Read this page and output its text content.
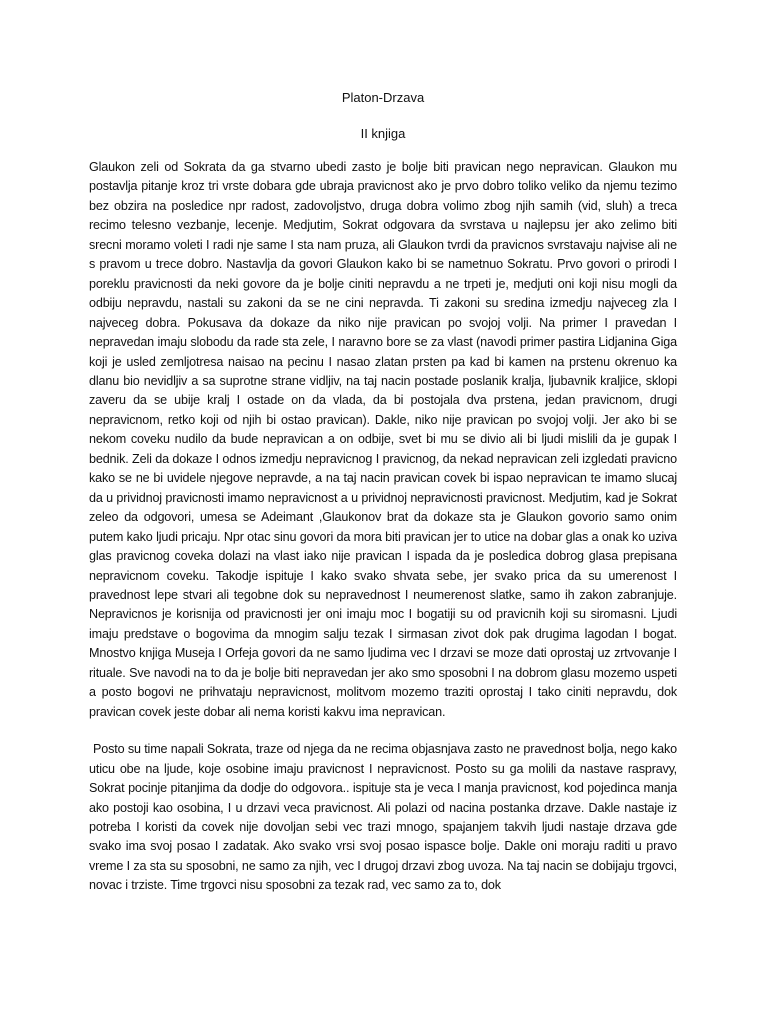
Platon-Drzava
II knjiga

Glaukon zeli od Sokrata da ga stvarno ubedi zasto je bolje biti pravican nego nepravican. Glaukon mu postavlja pitanje kroz tri vrste dobara gde ubraja pravicnost ako je prvo dobro toliko veliko da njemu tezimo bez obzira na posledice npr radost, zadovoljstvo, druga dobra volimo zbog njih samih (vid, sluh) a treca recimo telesno vezbanje, lecenje. Medjutim, Sokrat odgovara da svrstava u najlepsu jer ako zelimo biti srecni moramo voleti I radi nje same I sta nam pruza, ali Glaukon tvrdi da pravicnos svrstavaju najvise ali ne s pravom u trece dobro. Nastavlja da govori Glaukon kako bi se nametnuo Sokratu. Prvo govori o prirodi I poreklu pravicnosti da neki govore da je bolje ciniti nepravdu a ne trpeti je, medjuti oni koji nisu mogli da odbiju nepravdu, nastali su zakoni da se ne cini nepravda. Ti zakoni su sredina izmedju najveceg zla I najveceg dobra. Pokusava da dokaze da niko nije pravican po svojoj volji. Na primer I pravedan I nepravedan imaju slobodu da rade sta zele, I naravno bore se za vlast (navodi primer pastira Lidjanina Giga koji je usled zemljotresa naisao na pecinu I nasao zlatan prsten pa kad bi kamen na prstenu okrenuo ka dlanu bio nevidljiv a sa suprotne strane vidljiv, na taj nacin postade poslanik kralja, ljubavnik kraljice, sklopi zaveru da se ubije kralj I ostade on da vlada, da bi postojala dva prstena, jedan pravicnom, drugi nepravicnom, retko koji od njih bi ostao pravican). Dakle, niko nije pravican po svojoj volji. Jer ako bi se nekom coveku nudilo da bude nepravican a on odbije, svet bi mu se divio ali bi ljudi mislili da je gupak I bednik. Zeli da dokaze I odnos izmedju nepravicnog I pravicnog, da nekad nepravican zeli izgledati pravicno kako se ne bi uvidele njegove nepravde, a na taj nacin pravican covek bi ispao nepravican te imamo slucaj da u prividnoj pravicnosti imamo nepravicnost a u prividnoj nepravicnosti pravicnost. Medjutim, kad je Sokrat zeleo da odgovori, umesa se Adeimant ,Glaukonov brat da dokaze sta je Glaukon govorio samo onim putem kako ljudi pricaju. Npr otac sinu govori da mora biti pravican jer to utice na dobar glas a onak ko uziva glas pravicnog coveka dolazi na vlast iako nije pravican I ispada da je posledica dobrog glasa prepisana nepravicnom coveku. Takodje ispituje I kako svako shvata sebe, jer svako prica da su umerenost I pravednost lepe stvari ali tegobne dok su nepravednost I neumerenost slatke, samo ih zakon zabranjuje. Nepravicnos je korisnija od pravicnosti jer oni imaju moc I bogatiji su od pravicnih koji su siromasni. Ljudi imaju predstave o bogovima da mnogim salju tezak I sirmasan zivot dok pak drugima lagodan I bogat. Mnostvo knjiga Museja I Orfeja govori da ne samo ljudima vec I drzavi se moze dati oprostaj uz zrtvovanje I rituale. Sve navodi na to da je bolje biti nepravedan jer ako smo sposobni I na dobrom glasu mozemo uspeti a posto bogovi ne prihvataju nepravicnost, molitvom mozemo traziti oprostaj I tako ciniti nepravdu, dok pravican covek jeste dobar ali nema koristi kakvu ima nepravican.

Posto su time napali Sokrata, traze od njega da ne recima objasnjava zasto ne pravednost bolja, nego kako uticu obe na ljude, koje osobine imaju pravicnost I nepravicnost. Posto su ga molili da nastave raspravу, Sokrat pocinje pitanjima da dodje do odgovora.. ispituje sta je veca I manja pravicnost, kod pojedinca manja ako postoji kao osobina, I u drzavi veca pravicnost. Ali polazi od nacina postanka drzave. Dakle nastaje iz potreba I koristi da covek nije dovoljan sebi vec trazi mnogo, spajanjem takvih ljudi nastaje drzava gde svako ima svoj posao I zadatak. Ako svako vrsi svoj posao ispasce bolje. Dakle oni moraju raditi u pravo vreme I za sta su sposobni, ne samo za njih, vec I drugoj drzavi zbog uvoza. Na taj nacin se dobijaju trgovci, novac i trziste. Time trgovci nisu sposobni za tezak rad, vec samo za to, dok
